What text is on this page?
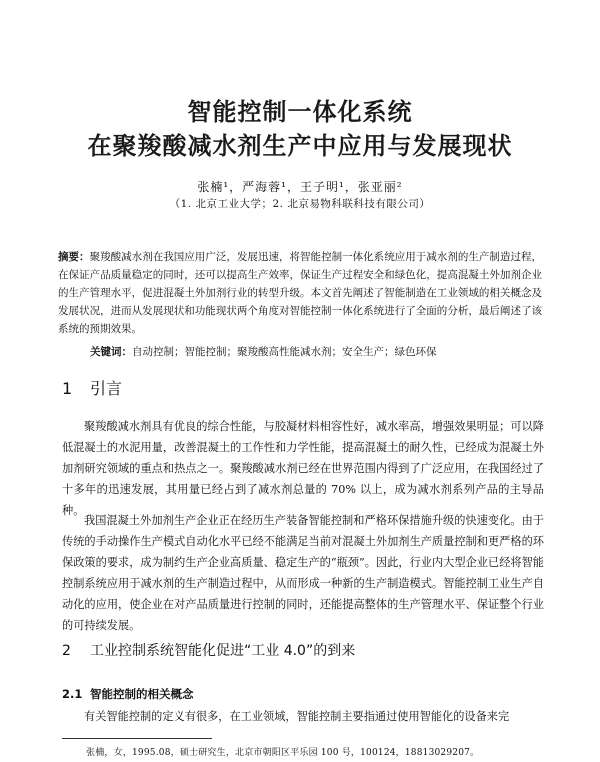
智能控制一体化系统
在聚羧酸减水剂生产中应用与发展现状
张楠¹，严海蓉¹，王子明¹，张亚丽²
（1. 北京工业大学；2. 北京易物科联科技有限公司）

摘要：聚羧酸减水剂在我国应用广泛，发展迅速，将智能控制一体化系统应用于减水剂的生产制造过程，在保证产品质量稳定的同时，还可以提高生产效率，保证生产过程安全和绿色化，提高混凝土外加剂企业的生产管理水平，促进混凝土外加剂行业的转型升级。本文首先阐述了智能制造在工业领域的相关概念及发展状况，进而从发展现状和功能现状两个角度对智能控制一体化系统进行了全面的分析，最后阐述了该系统的预期效果。

关键词：自动控制；智能控制；聚羧酸高性能减水剂；安全生产；绿色环保
1 引言

聚羧酸减水剂具有优良的综合性能，与胶凝材料相容性好，减水率高，增强效果明显；可以降低混凝土的水泥用量，改善混凝土的工作性和力学性能，提高混凝土的耐久性，已经成为混凝土外加剂研究领域的重点和热点之一。聚羧酸减水剂已经在世界范围内得到了广泛应用，在我国经过了十多年的迅速发展，其用量已经占到了减水剂总量的 70% 以上，成为减水剂系列产品的主导品种。

我国混凝土外加剂生产企业正在经历生产装备智能控制和严格环保措施升级的快速变化。由于传统的手动操作生产模式自动化水平已经不能满足当前对混凝土外加剂生产质量控制和更严格的环保政策的要求，成为制约生产企业高质量、稳定生产的“瓶颈”。因此，行业内大型企业已经将智能控制系统应用于减水剂的生产制造过程中，从而形成一种新的生产制造模式。智能控制工业生产自动化的应用，使企业在对产品质量进行控制的同时，还能提高整体的生产管理水平、保证整个行业的可持续发展。

2 工业控制系统智能化促进“工业 4.0”的到来
2.1 智能控制的相关概念

有关智能控制的定义有很多，在工业领域，智能控制主要指通过使用智能化的设备来完

张楠，女，1995.08，硕士研究生，北京市朝阳区平乐园 100 号，100124，18813029207。
